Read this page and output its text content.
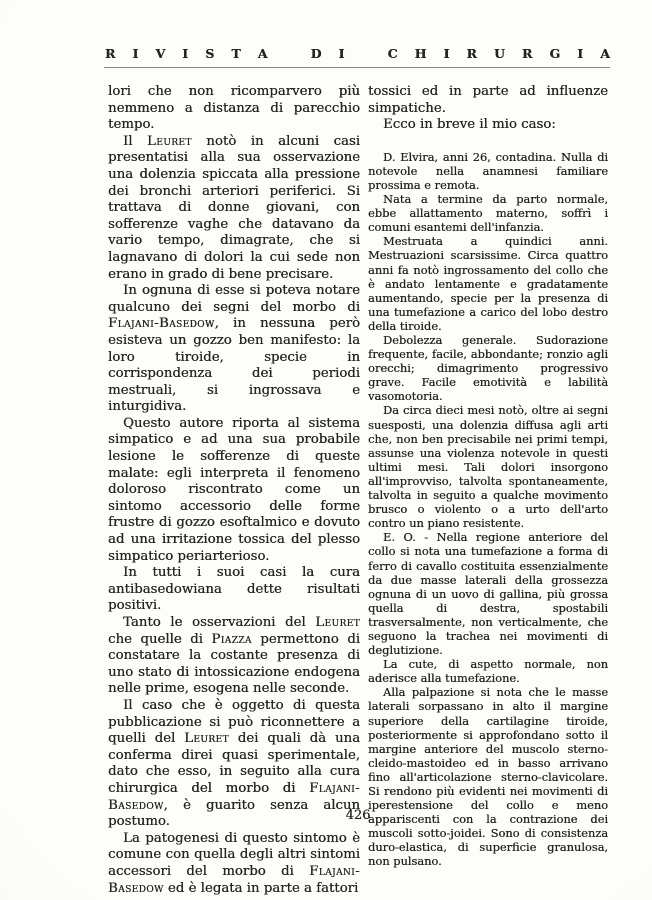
R I V I S T A	D I	C H I R U R G I A

lori che non ricomparvero più nemmeno a distanza di parecchio tempo.

Il Leuret notò in alcuni casi presentatisi alla sua osservazione una dolenzia spiccata alla pressione dei bronchi arteriori periferici. Si trattava di donne giovani, con sofferenze vaghe che datavano da vario tempo, dimagrate, che si lagnavano di dolori la cui sede non erano in grado di bene precisare.

In ognuna di esse si poteva notare qualcuno dei segni del morbo di Flajani-Basedow, in nessuna però esisteva un gozzo ben manifesto: la loro tiroide, specie in corrispondenza dei periodi mestruali, si ingrossava e inturgidiva.

Questo autore riporta al sistema simpatico e ad una sua probabile lesione le sofferenze di queste malate: egli interpreta il fenomeno doloroso riscontrato come un sintomo accessorio delle forme frustre di gozzo esoftalmico e dovuto ad una irritazione tossica del plesso simpatico periarterioso.

In tutti i suoi casi la cura antibasedowiana dette risultati positivi.

Tanto le osservazioni del Leuret che quelle di Piazza permettono di constatare la costante presenza di uno stato di intossicazione endogena nelle prime, esogena nelle seconde.

Il caso che è oggetto di questa pubblicazione si può riconnettere a quelli del Leuret dei quali dà una conferma direi quasi sperimentale, dato che esso, in seguito alla cura chirurgica del morbo di Flajani-Basedow, è guarito senza alcun postumo.

La patogenesi di questo sintomo è comune con quella degli altri sintomi accessori del morbo di Flajani-Basedow ed è legata in parte a fattori

tossici ed in parte ad influenze simpatiche.

Ecco in breve il mio caso:

D. Elvira, anni 26, contadina. Nulla di notevole nella anamnesi familiare prossima e remota.

Nata a termine da parto normale, ebbe allattamento materno, soffrì i comuni esantemi dell'infanzia.

Mestruata a quindici anni. Mestruazioni scarsissime. Circa quattro anni fa notò ingrossamento del collo che è andato lentamente e gradatamente aumentando, specie per la presenza di una tumefazione a carico del lobo destro della tiroide.

Debolezza generale. Sudorazione frequente, facile, abbondante; ronzio agli orecchi; dimagrimento progressivo grave. Facile emotività e labilità vasomotoria.

Da circa dieci mesi notò, oltre ai segni suesposti, una dolenzia diffusa agli arti che, non ben precisabile nei primi tempi, assunse una violenza notevole in questi ultimi mesi. Tali dolori insorgono all'improvviso, talvolta spontaneamente, talvolta in seguito a qualche movimento brusco o violento o a urto dell'arto contro un piano resistente.

E. O. - Nella regione anteriore del collo si nota una tumefazione a forma di ferro di cavallo costituita essenzialmente da due masse laterali della grossezza ognuna di un uovo di gallina, più grossa quella di destra, spostabili trasversalmente, non verticalmente, che seguono la trachea nei movimenti di deglutizione.

La cute, di aspetto normale, non aderisce alla tumefazione.

Alla palpazione si nota che le masse laterali sorpassano in alto il margine superiore della cartilagine tiroide, posteriormente si approfondano sotto il margine anteriore del muscolo sterno-cleido-mastoideo ed in basso arrivano fino all'articolazione sterno-clavicolare. Si rendono più evidenti nei movimenti di iperestensione del collo e meno appariscenti con la contrazione dei muscoli sotto-joidei. Sono di consistenza duro-elastica, di superficie granulosa, non pulsano.

426
